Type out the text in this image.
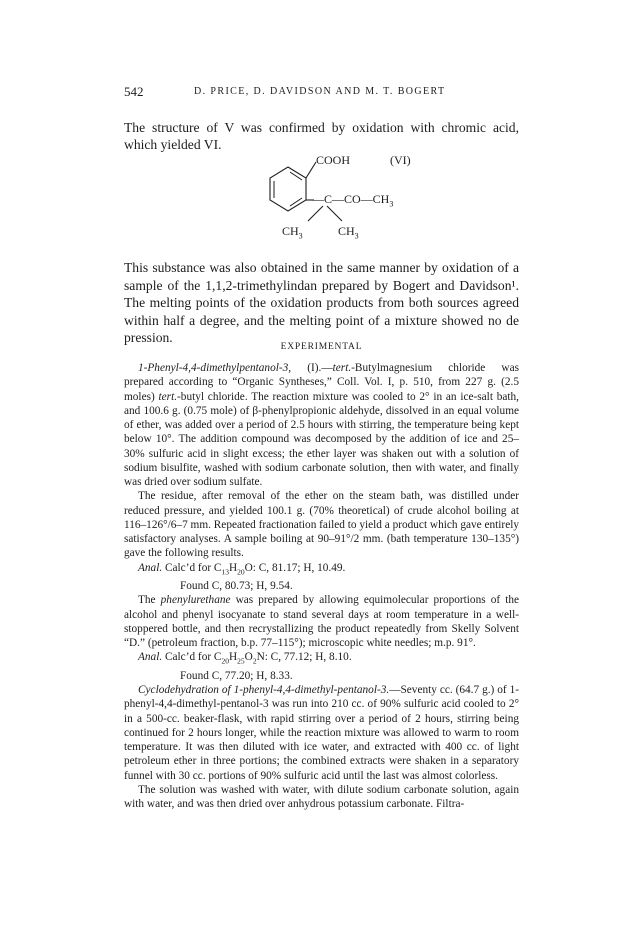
542	D. PRICE, D. DAVIDSON AND M. T. BOGERT

The structure of V was confirmed by oxidation with chromic acid, which yielded VI.

COOH	(VI)
$—C—CO—CH_3$
$CH_3$	$CH_3$

This substance was also obtained in the same manner by oxidation of a sample of the 1,1,2-trimethylindan prepared by Bogert and Davidson¹. The melting points of the oxidation products from both sources agreed within half a degree, and the melting point of a mixture showed no de pression.

EXPERIMENTAL

1-Phenyl-4,4-dimethylpentanol-3, (I).—tert.-Butylmagnesium chloride was prepared according to “Organic Syntheses,” Coll. Vol. I, p. 510, from 227 g. (2.5 moles) tert.-butyl chloride. The reaction mixture was cooled to 2° in an ice-salt bath, and 100.6 g. (0.75 mole) of β-phenylpropionic aldehyde, dissolved in an equal volume of ether, was added over a period of 2.5 hours with stirring, the temperature being kept below 10°. The addition compound was decomposed by the addition of ice and 25–30% sulfuric acid in slight excess; the ether layer was shaken out with a solution of sodium bisulfite, washed with sodium carbonate solution, then with water, and finally was dried over sodium sulfate.

The residue, after removal of the ether on the steam bath, was distilled under reduced pressure, and yielded 100.1 g. (70% theoretical) of crude alcohol boiling at 116–126°/6–7 mm. Repeated fractionation failed to yield a product which gave entirely satisfactory analyses. A sample boiling at 90–91°/2 mm. (bath temperature 130–135°) gave the following results.

Anal. Calc’d for $C_{13}H_{20}O$: C, 81.17; H, 10.49.

Found C, 80.73; H, 9.54.

The phenylurethane was prepared by allowing equimolecular proportions of the alcohol and phenyl isocyanate to stand several days at room temperature in a well-stoppered bottle, and then recrystallizing the product repeatedly from Skelly Solvent “D.” (petroleum fraction, b.p. 77–115°); microscopic white needles; m.p. 91°.

Anal. Calc’d for $C_{20}H_{25}O_2N$: C, 77.12; H, 8.10.

Found C, 77.20; H, 8.33.

Cyclodehydration of 1-phenyl-4,4-dimethyl-pentanol-3.—Seventy cc. (64.7 g.) of 1-phenyl-4,4-dimethyl-pentanol-3 was run into 210 cc. of 90% sulfuric acid cooled to 2° in a 500-cc. beaker-flask, with rapid stirring over a period of 2 hours, stirring being continued for 2 hours longer, while the reaction mixture was allowed to warm to room temperature. It was then diluted with ice water, and extracted with 400 cc. of light petroleum ether in three portions; the combined extracts were shaken in a separatory funnel with 30 cc. portions of 90% sulfuric acid until the last was almost colorless.

The solution was washed with water, with dilute sodium carbonate solution, again with water, and was then dried over anhydrous potassium carbonate. Filtra-
